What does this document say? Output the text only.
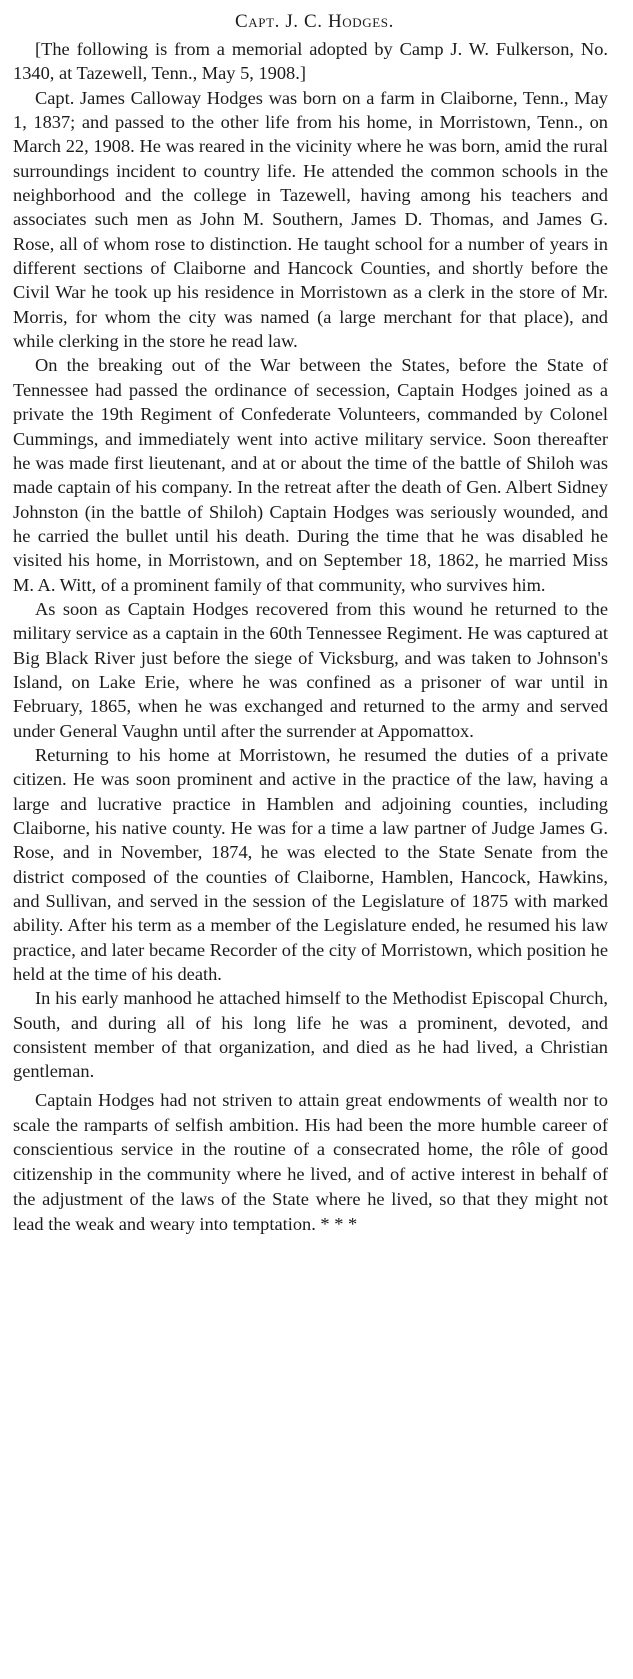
Capt. J. C. Hodges.

[The following is from a memorial adopted by Camp J. W. Fulkerson, No. 1340, at Tazewell, Tenn., May 5, 1908.]

Capt. James Calloway Hodges was born on a farm in Claiborne, Tenn., May 1, 1837; and passed to the other life from his home, in Morristown, Tenn., on March 22, 1908. He was reared in the vicinity where he was born, amid the rural surroundings incident to country life. He attended the common schools in the neighborhood and the college in Tazewell, having among his teachers and associates such men as John M. Southern, James D. Thomas, and James G. Rose, all of whom rose to distinction. He taught school for a number of years in different sections of Claiborne and Hancock Counties, and shortly before the Civil War he took up his residence in Morristown as a clerk in the store of Mr. Morris, for whom the city was named (a large merchant for that place), and while clerking in the store he read law.

On the breaking out of the War between the States, before the State of Tennessee had passed the ordinance of secession, Captain Hodges joined as a private the 19th Regiment of Confederate Volunteers, commanded by Colonel Cummings, and immediately went into active military service. Soon thereafter he was made first lieutenant, and at or about the time of the battle of Shiloh was made captain of his company. In the retreat after the death of Gen. Albert Sidney Johnston (in the battle of Shiloh) Captain Hodges was seriously wounded, and he carried the bullet until his death. During the time that he was disabled he visited his home, in Morristown, and on September 18, 1862, he married Miss M. A. Witt, of a prominent family of that community, who survives him.

As soon as Captain Hodges recovered from this wound he returned to the military service as a captain in the 60th Tennessee Regiment. He was captured at Big Black River just before the siege of Vicksburg, and was taken to Johnson's Island, on Lake Erie, where he was confined as a prisoner of war until in February, 1865, when he was exchanged and returned to the army and served under General Vaughn until after the surrender at Appomattox.

Returning to his home at Morristown, he resumed the duties of a private citizen. He was soon prominent and active in the practice of the law, having a large and lucrative practice in Hamblen and adjoining counties, including Claiborne, his native county. He was for a time a law partner of Judge James G. Rose, and in November, 1874, he was elected to the State Senate from the district composed of the counties of Claiborne, Hamblen, Hancock, Hawkins, and Sullivan, and served in the session of the Legislature of 1875 with marked ability. After his term as a member of the Legislature ended, he resumed his law practice, and later became Recorder of the city of Morristown, which position he held at the time of his death.

In his early manhood he attached himself to the Methodist Episcopal Church, South, and during all of his long life he was a prominent, devoted, and consistent member of that organization, and died as he had lived, a Christian gentleman.

Captain Hodges had not striven to attain great endowments of wealth nor to scale the ramparts of selfish ambition. His had been the more humble career of conscientious service in the routine of a consecrated home, the rôle of good citizenship in the community where he lived, and of active interest in behalf of the adjustment of the laws of the State where he lived, so that they might not lead the weak and weary into temptation. * * *
